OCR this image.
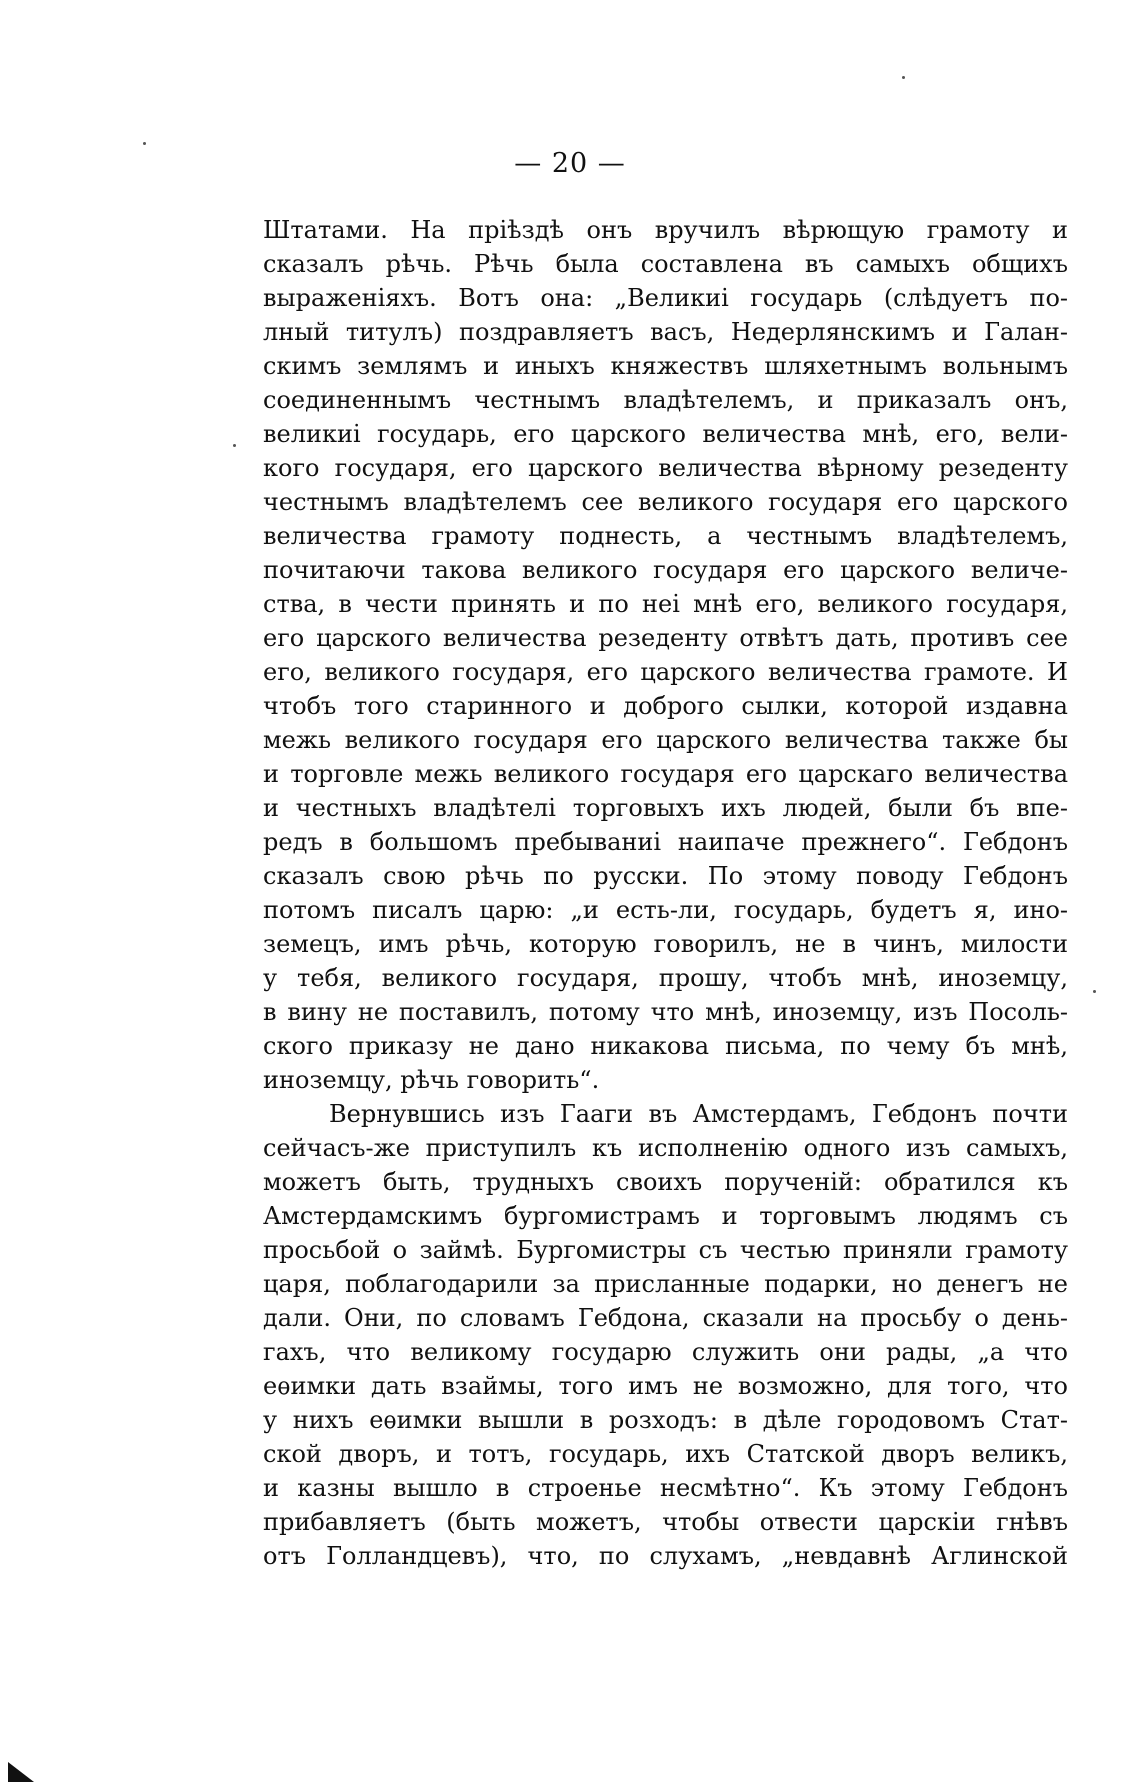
— 20 —
Штатами. На пріѣздѣ онъ вручилъ вѣрющую грамоту и
сказалъ рѣчь. Рѣчь была составлена въ самыхъ общихъ
выраженіяхъ. Вотъ она: „Великиі государь (слѣдуетъ по-
лный титулъ) поздравляетъ васъ, Недерлянскимъ и Галан-
скимъ землямъ и иныхъ княжествъ шляхетнымъ вольнымъ
соединеннымъ честнымъ владѣтелемъ, и приказалъ онъ,
великиі государь, его царского величества мнѣ, его, вели-
кого государя, его царского величества вѣрному резеденту
честнымъ владѣтелемъ сее великого государя его царского
величества грамоту поднесть, а честнымъ владѣтелемъ,
почитаючи такова великого государя его царского величе-
ства, в чести принять и по неі мнѣ его, великого государя,
его царского величества резеденту отвѣтъ дать, противъ сее
его, великого государя, его царского величества грамоте. И
чтобъ того старинного и доброго сылки, которой издавна
межь великого государя его царского величества также бы
и торговле межь великого государя его царскаго величества
и честныхъ владѣтелі торговыхъ ихъ людей, были бъ впе-
редъ в большомъ пребываниі наипаче прежнего“. Гебдонъ
сказалъ свою рѣчь по русски. По этому поводу Гебдонъ
потомъ писалъ царю: „и есть-ли, государь, будетъ я, ино-
земецъ, имъ рѣчь, которую говорилъ, не в чинъ, милости
у тебя, великого государя, прошу, чтобъ мнѣ, иноземцу,
в вину не поставилъ, потому что мнѣ, иноземцу, изъ Посоль-
ского приказу не дано никакова письма, по чему бъ мнѣ,
иноземцу, рѣчь говорить“.
Вернувшись изъ Гааги въ Амстердамъ, Гебдонъ почти
сейчасъ-же приступилъ къ исполненію одного изъ самыхъ,
можетъ быть, трудныхъ своихъ порученій: обратился къ
Амстердамскимъ бургомистрамъ и торговымъ людямъ съ
просьбой о займѣ. Бургомистры съ честью приняли грамоту
царя, поблагодарили за присланные подарки, но денегъ не
дали. Они, по словамъ Гебдона, сказали на просьбу о день-
гахъ, что великому государю служить они рады, „а что
еѳимки дать взаймы, того имъ не возможно, для того, что
у нихъ еѳимки вышли в розходъ: в дѣле городовомъ Стат-
ской дворъ, и тотъ, государь, ихъ Статской дворъ великъ,
и казны вышло в строенье несмѣтно“. Къ этому Гебдонъ
прибавляетъ (быть можетъ, чтобы отвести царскіи гнѣвъ
отъ Голландцевъ), что, по слухамъ, „невдавнѣ Аглинской
